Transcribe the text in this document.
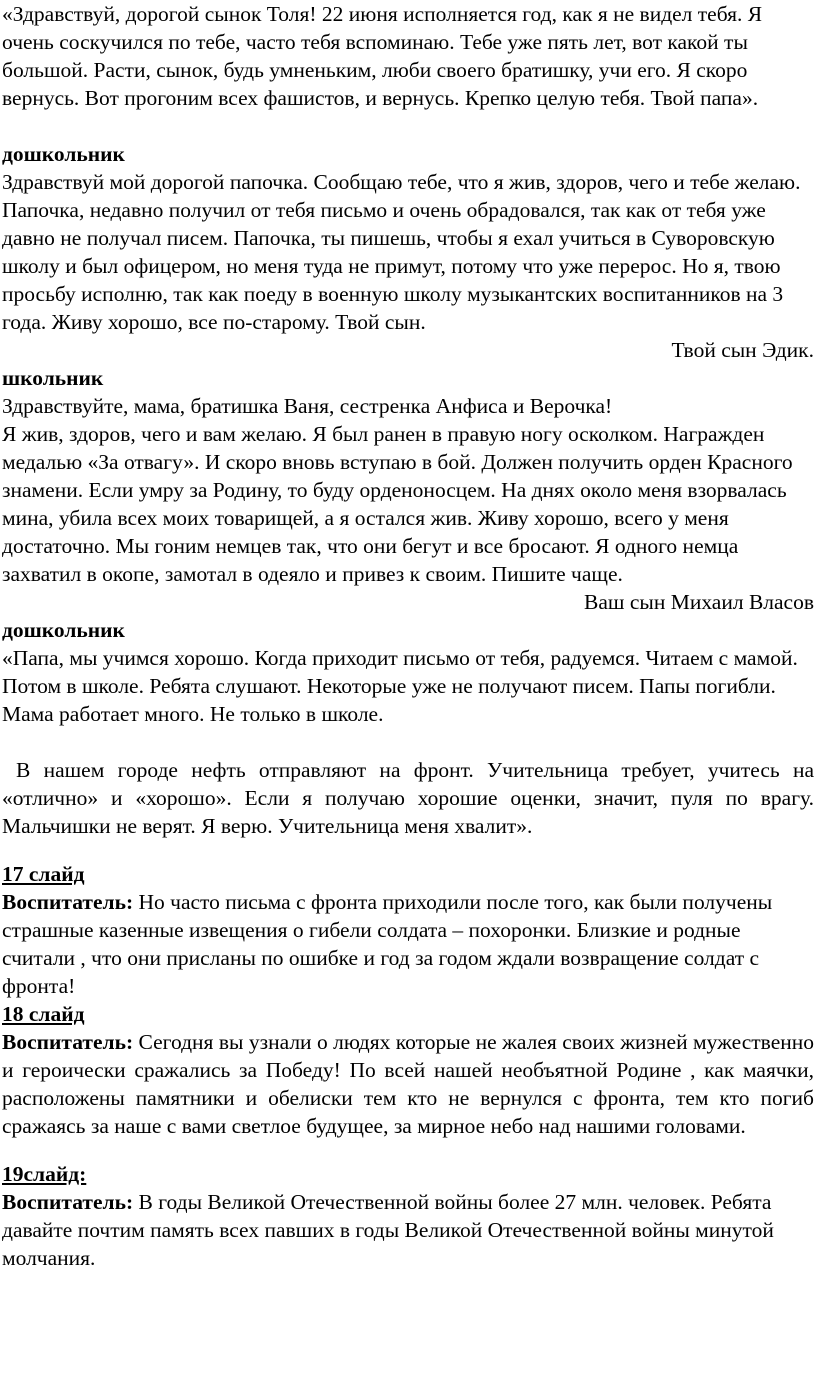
«Здравствуй, дорогой сынок Толя! 22 июня исполняется год, как я не видел тебя. Я очень соскучился по тебе, часто тебя вспоминаю. Тебе уже пять лет, вот какой ты большой. Расти, сынок, будь умненьким, люби своего братишку, учи его. Я скоро вернусь. Вот прогоним всех фашистов, и вернусь. Крепко целую тебя. Твой папа».

дошкольник

Здравствуй мой дорогой папочка. Сообщаю тебе, что я жив, здоров, чего и тебе желаю. Папочка, недавно получил от тебя письмо и очень обрадовался, так как от тебя уже давно не получал писем. Папочка, ты пишешь, чтобы я ехал учиться в Суворовскую школу и был офицером, но меня туда не примут, потому что уже перерос. Но я, твою просьбу исполню, так как поеду в военную школу музыкантских воспитанников на 3 года. Живу хорошо, все по-старому. Твой сын.

Твой сын Эдик.

школьник

Здравствуйте, мама, братишка Ваня, сестренка Анфиса и Верочка!

Я жив, здоров, чего и вам желаю. Я был ранен в правую ногу осколком. Награжден медалью «За отвагу». И скоро вновь вступаю в бой. Должен получить орден Красного знамени. Если умру за Родину, то буду орденоносцем. На днях около меня взорвалась мина, убила всех моих товарищей, а я остался жив. Живу хорошо, всего у меня достаточно. Мы гоним немцев так, что они бегут и все бросают. Я одного немца захватил в окопе, замотал в одеяло и привез к своим. Пишите чаще.

Ваш сын Михаил Власов

дошкольник

«Папа, мы учимся хорошо. Когда приходит письмо от тебя, радуемся. Читаем с мамой. Потом в школе. Ребята слушают. Некоторые уже не получают писем. Папы погибли. Мама работает много. Не только в школе.

В нашем городе нефть отправляют на фронт. Учительница требует, учитесь на «отлично» и «хорошо». Если я получаю хорошие оценки, значит, пуля по врагу. Мальчишки не верят. Я верю. Учительница меня хвалит».

17 слайд

Воспитатель: Но часто письма с фронта приходили после того, как были получены страшные казенные извещения о гибели солдата – похоронки. Близкие и родные считали , что они присланы по ошибке и год за годом ждали возвращение солдат с фронта!

18 слайд

Воспитатель: Сегодня вы узнали о людях которые не жалея своих жизней мужественно и героически сражались за Победу! По всей нашей необъятной Родине , как маячки, расположены памятники и обелиски тем кто не вернулся с фронта, тем кто погиб сражаясь за наше с вами светлое будущее, за мирное небо над нашими головами.

19слайд:

Воспитатель: В годы Великой Отечественной войны более 27 млн. человек. Ребята давайте почтим память всех павших в годы Великой Отечественной войны минутой молчания.
